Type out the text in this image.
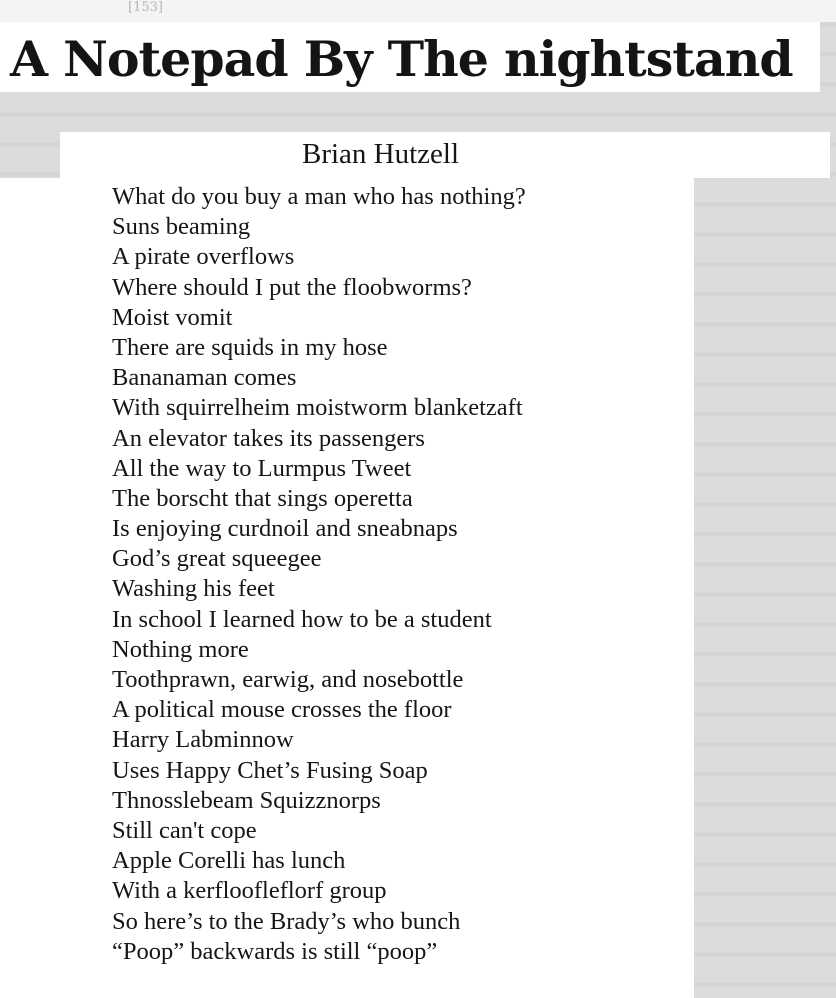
[153]
A Notepad By The nightstand
Brian Hutzell
What do you buy a man who has nothing?
Suns beaming
A pirate overflows
Where should I put the floobworms?
Moist vomit
There are squids in my hose
Bananaman comes
With squirrelheim moistworm blanketzaft
An elevator takes its passengers
All the way to Lurmpus Tweet
The borscht that sings operetta
Is enjoying curdnoil and sneabnaps
God’s great squeegee
Washing his feet
In school I learned how to be a student
Nothing more
Toothprawn, earwig, and nosebottle
A political mouse crosses the floor
Harry Labminnow
Uses Happy Chet’s Fusing Soap
Thnosslebeam Squizznorps
Still can't cope
Apple Corelli has lunch
With a kerfloofleflorf group
So here’s to the Brady’s who bunch
“Poop” backwards is still “poop”
